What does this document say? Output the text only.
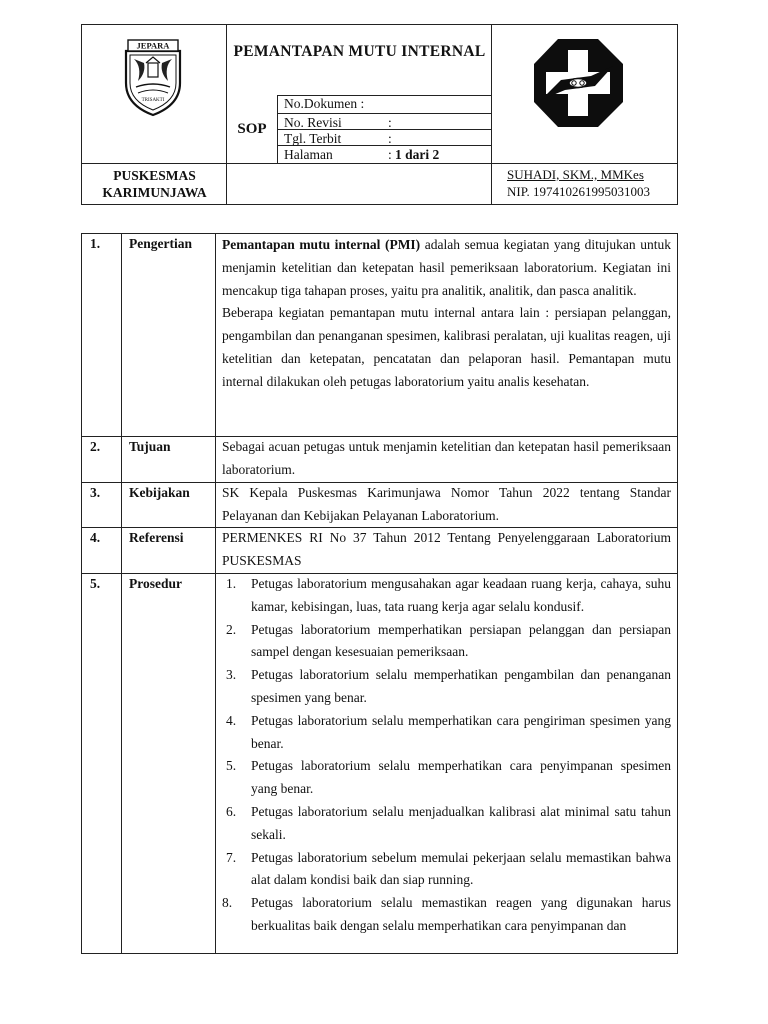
JEPARA
TRISAKTI
PEMANTAPAN MUTU INTERNAL
SOP
No.Dokumen :
No. Revisi	:
Tgl. Terbit	:
Halaman	: 1 dari 2
PUSKESMAS
KARIMUNJAWA
SUHADI, SKM., MMKes
NIP. 197410261995031003
1. Pengertian Pemantapan mutu internal (PMI) adalah semua kegiatan yang ditujukan untuk menjamin ketelitian dan ketepatan hasil pemeriksaan laboratorium. Kegiatan ini mencakup tiga tahapan proses, yaitu pra analitik, analitik, dan pasca analitik.

Beberapa kegiatan pemantapan mutu internal antara lain : persiapan pelanggan, pengambilan dan penanganan spesimen, kalibrasi peralatan, uji kualitas reagen, uji ketelitian dan ketepatan, pencatatan dan pelaporan hasil. Pemantapan mutu internal dilakukan oleh petugas laboratorium yaitu analis kesehatan.

2. Tujuan	Sebagai acuan petugas untuk menjamin ketelitian dan ketepatan hasil pemeriksaan laboratorium.
3. Kebijakan SK Kepala Puskesmas Karimunjawa Nomor Tahun 2022 tentang Standar Pelayanan dan Kebijakan Pelayanan Laboratorium.
4. Referensi	PERMENKES RI No 37 Tahun 2012 Tentang Penyelenggaraan Laboratorium PUSKESMAS
5. Prosedur	1. Petugas laboratorium mengusahakan agar keadaan ruang kerja, cahaya, suhu kamar, kebisingan, luas, tata ruang kerja agar selalu kondusif.
2. Petugas laboratorium memperhatikan persiapan pelanggan dan persiapan sampel dengan kesesuaian pemeriksaan.
3. Petugas laboratorium selalu memperhatikan pengambilan dan penanganan spesimen yang benar.
4. Petugas laboratorium selalu memperhatikan cara pengiriman spesimen yang benar.
5. Petugas laboratorium selalu memperhatikan cara penyimpanan spesimen yang benar.
6. Petugas laboratorium selalu menjadualkan kalibrasi alat minimal satu tahun sekali.
7. Petugas laboratorium sebelum memulai pekerjaan selalu memastikan bahwa alat dalam kondisi baik dan siap running.
8. Petugas laboratorium selalu memastikan reagen yang digunakan harus berkualitas baik dengan selalu memperhatikan cara penyimpanan dan
